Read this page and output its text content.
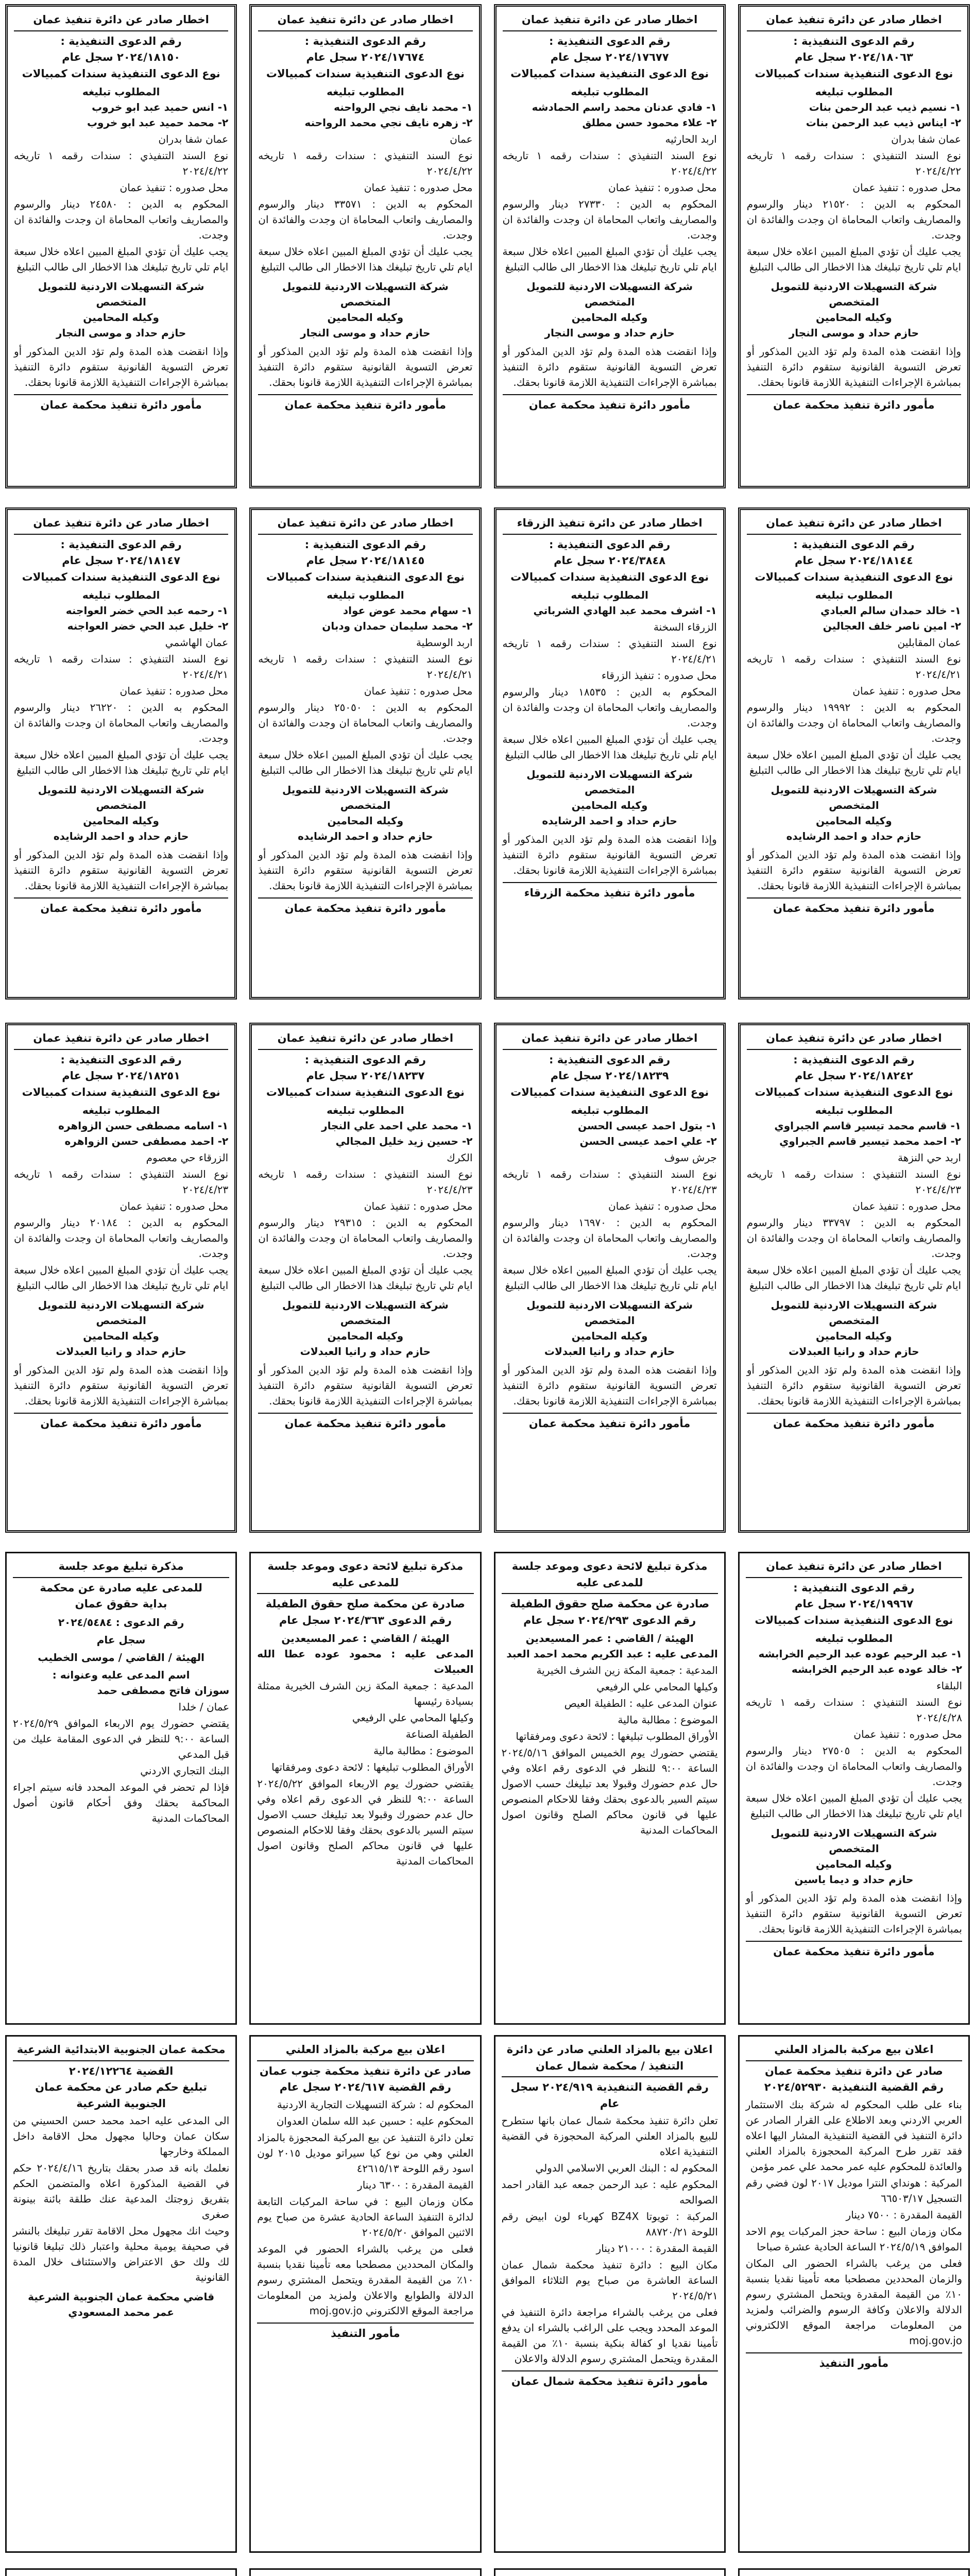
اخطار صادر عن دائرة تنفيذ عمان
رقم الدعوى التنفيذية :
٢٠٢٤/١٨٠٦٣ سجل عام
نوع الدعوى التنفيذية سندات كمبيالات
المطلوب تبليغه
١- نسيم ذيب عبد الرحمن بنات
٢- ايناس ذيب عبد الرحمن بنات
عمان شفا بدران
نوع السند التنفيذي : سندات رقمه ١ تاريخه ٢٠٢٤/٤/٢٢
محل صدوره : تنفيذ عمان
المحكوم به الدين : ٢١٥٢٠ دينار والرسوم والمصاريف واتعاب المحاماة ان وجدت والفائدة ان وجدت.
يجب عليك أن تؤدي المبلغ المبين اعلاه خلال سبعة ايام تلي تاريخ تبليغك هذا الاخطار الى طالب التبليغ
شركة التسهيلات الاردنية للتمويل المتخصص
وكيله المحامين
حازم حداد و موسى النجار
وإذا انقضت هذه المدة ولم تؤد الدين المذكور أو تعرض التسوية القانونية ستقوم دائرة التنفيذ بمباشرة الإجراءات التنفيذية اللازمة قانونا بحقك.
مأمور دائرة تنفيذ محكمة عمان
اخطار صادر عن دائرة تنفيذ عمان
رقم الدعوى التنفيذية :
٢٠٢٤/١٧٦٧٧ سجل عام
نوع الدعوى التنفيذية سندات كمبيالات
المطلوب تبليغه
١- فادي عدنان محمد راسم الحمادشه
٢- علاء محمود حسن مطلق
اربد الحارثيه
نوع السند التنفيذي : سندات رقمه ١ تاريخه ٢٠٢٤/٤/٢٢
محل صدوره : تنفيذ عمان
المحكوم به الدين : ٢٧٣٣٠ دينار والرسوم والمصاريف واتعاب المحاماة ان وجدت والفائدة ان وجدت.
يجب عليك أن تؤدي المبلغ المبين اعلاه خلال سبعة ايام تلي تاريخ تبليغك هذا الاخطار الى طالب التبليغ
شركة التسهيلات الاردنية للتمويل المتخصص
وكيله المحامين
حازم حداد و موسى النجار
وإذا انقضت هذه المدة ولم تؤد الدين المذكور أو تعرض التسوية القانونية ستقوم دائرة التنفيذ بمباشرة الإجراءات التنفيذية اللازمة قانونا بحقك.
مأمور دائرة تنفيذ محكمة عمان
اخطار صادر عن دائرة تنفيذ عمان
رقم الدعوى التنفيذية :
٢٠٢٤/١٧٦٧٤ سجل عام
نوع الدعوى التنفيذية سندات كمبيالات
المطلوب تبليغه
١- محمد نايف نجي الرواحنه
٢- زهره نايف نجي محمد الرواحنه
عمان
نوع السند التنفيذي : سندات رقمه ١ تاريخه ٢٠٢٤/٤/٢٢
محل صدوره : تنفيذ عمان
المحكوم به الدين : ٣٣٥٧١ دينار والرسوم والمصاريف واتعاب المحاماة ان وجدت والفائدة ان وجدت.
يجب عليك أن تؤدي المبلغ المبين اعلاه خلال سبعة ايام تلي تاريخ تبليغك هذا الاخطار الى طالب التبليغ
شركة التسهيلات الاردنية للتمويل المتخصص
وكيله المحامين
حازم حداد و موسى النجار
وإذا انقضت هذه المدة ولم تؤد الدين المذكور أو تعرض التسوية القانونية ستقوم دائرة التنفيذ بمباشرة الإجراءات التنفيذية اللازمة قانونا بحقك.
مأمور دائرة تنفيذ محكمة عمان
اخطار صادر عن دائرة تنفيذ عمان
رقم الدعوى التنفيذية :
٢٠٢٤/١٨١٥٠ سجل عام
نوع الدعوى التنفيذية سندات كمبيالات
المطلوب تبليغه
١- انس حميد عبد ابو خروب
٢- محمد حميد عبد ابو خروب
عمان شفا بدران
نوع السند التنفيذي : سندات رقمه ١ تاريخه ٢٠٢٤/٤/٢٢
محل صدوره : تنفيذ عمان
المحكوم به الدين : ٢٤٥٨٠ دينار والرسوم والمصاريف واتعاب المحاماة ان وجدت والفائدة ان وجدت.
يجب عليك أن تؤدي المبلغ المبين اعلاه خلال سبعة ايام تلي تاريخ تبليغك هذا الاخطار الى طالب التبليغ
شركة التسهيلات الاردنية للتمويل المتخصص
وكيله المحامين
حازم حداد و موسى النجار
وإذا انقضت هذه المدة ولم تؤد الدين المذكور أو تعرض التسوية القانونية ستقوم دائرة التنفيذ بمباشرة الإجراءات التنفيذية اللازمة قانونا بحقك.
مأمور دائرة تنفيذ محكمة عمان
اخطار صادر عن دائرة تنفيذ عمان
رقم الدعوى التنفيذية :
٢٠٢٤/١٨١٤٤ سجل عام
نوع الدعوى التنفيذية سندات كمبيالات
المطلوب تبليغه
١- خالد حمدان سالم العبادي
٢- امين ناصر خلف العجالين
عمان المقابلين
نوع السند التنفيذي : سندات رقمه ١ تاريخه ٢٠٢٤/٤/٢١
محل صدوره : تنفيذ عمان
المحكوم به الدين : ١٩٩٩٢ دينار والرسوم والمصاريف واتعاب المحاماة ان وجدت والفائدة ان وجدت.
يجب عليك أن تؤدي المبلغ المبين اعلاه خلال سبعة ايام تلي تاريخ تبليغك هذا الاخطار الى طالب التبليغ
شركة التسهيلات الاردنية للتمويل المتخصص
وكيله المحامين
حازم حداد و احمد الرشايده
وإذا انقضت هذه المدة ولم تؤد الدين المذكور أو تعرض التسوية القانونية ستقوم دائرة التنفيذ بمباشرة الإجراءات التنفيذية اللازمة قانونا بحقك.
مأمور دائرة تنفيذ محكمة عمان
اخطار صادر عن دائرة تنفيذ الزرقاء
رقم الدعوى التنفيذية :
٢٠٢٤/٣٨٤٨ سجل عام
نوع الدعوى التنفيذية سندات كمبيالات
المطلوب تبليغه
١- اشرف محمد عبد الهادي الشرباتي
الزرقاء السخنة
نوع السند التنفيذي : سندات رقمه ١ تاريخه ٢٠٢٤/٤/٢١
محل صدوره : تنفيذ الزرقاء
المحكوم به الدين : ١٨٥٣٥ دينار والرسوم والمصاريف واتعاب المحاماة ان وجدت والفائدة ان وجدت.
يجب عليك أن تؤدي المبلغ المبين اعلاه خلال سبعة ايام تلي تاريخ تبليغك هذا الاخطار الى طالب التبليغ
شركة التسهيلات الاردنية للتمويل المتخصص
وكيله المحامين
حازم حداد و احمد الرشايده
وإذا انقضت هذه المدة ولم تؤد الدين المذكور أو تعرض التسوية القانونية ستقوم دائرة التنفيذ بمباشرة الإجراءات التنفيذية اللازمة قانونا بحقك.
مأمور دائرة تنفيذ محكمة الزرقاء
اخطار صادر عن دائرة تنفيذ عمان
رقم الدعوى التنفيذية :
٢٠٢٤/١٨١٤٥ سجل عام
نوع الدعوى التنفيذية سندات كمبيالات
المطلوب تبليغه
١- سهام محمد عوض عواد
٢- محمد سليمان حمدان ودبان
اربد الوسطية
نوع السند التنفيذي : سندات رقمه ١ تاريخه ٢٠٢٤/٤/٢١
محل صدوره : تنفيذ عمان
المحكوم به الدين : ٢٥٠٥٠ دينار والرسوم والمصاريف واتعاب المحاماة ان وجدت والفائدة ان وجدت.
يجب عليك أن تؤدي المبلغ المبين اعلاه خلال سبعة ايام تلي تاريخ تبليغك هذا الاخطار الى طالب التبليغ
شركة التسهيلات الاردنية للتمويل المتخصص
وكيله المحامين
حازم حداد و احمد الرشايده
وإذا انقضت هذه المدة ولم تؤد الدين المذكور أو تعرض التسوية القانونية ستقوم دائرة التنفيذ بمباشرة الإجراءات التنفيذية اللازمة قانونا بحقك.
مأمور دائرة تنفيذ محكمة عمان
اخطار صادر عن دائرة تنفيذ عمان
رقم الدعوى التنفيذية :
٢٠٢٤/١٨١٤٧ سجل عام
نوع الدعوى التنفيذية سندات كمبيالات
المطلوب تبليغه
١- رحمه عبد الحي خضر العواجنه
٢- خليل عبد الحي خضر العواجنه
عمان الهاشمي
نوع السند التنفيذي : سندات رقمه ١ تاريخه ٢٠٢٤/٤/٢١
محل صدوره : تنفيذ عمان
المحكوم به الدين : ٢٦٢٢٠ دينار والرسوم والمصاريف واتعاب المحاماة ان وجدت والفائدة ان وجدت.
يجب عليك أن تؤدي المبلغ المبين اعلاه خلال سبعة ايام تلي تاريخ تبليغك هذا الاخطار الى طالب التبليغ
شركة التسهيلات الاردنية للتمويل المتخصص
وكيله المحامين
حازم حداد و احمد الرشايده
وإذا انقضت هذه المدة ولم تؤد الدين المذكور أو تعرض التسوية القانونية ستقوم دائرة التنفيذ بمباشرة الإجراءات التنفيذية اللازمة قانونا بحقك.
مأمور دائرة تنفيذ محكمة عمان
اخطار صادر عن دائرة تنفيذ عمان
رقم الدعوى التنفيذية :
٢٠٢٤/١٨٢٤٢ سجل عام
نوع الدعوى التنفيذية سندات كمبيالات
المطلوب تبليغه
١- قاسم محمد تيسير قاسم الجبراوي
٢- احمد محمد تيسير قاسم الجبراوي
اربد حي النزهة
نوع السند التنفيذي : سندات رقمه ١ تاريخه ٢٠٢٤/٤/٢٣
محل صدوره : تنفيذ عمان
المحكوم به الدين : ٣٣٧٩٧ دينار والرسوم والمصاريف واتعاب المحاماة ان وجدت والفائدة ان وجدت.
يجب عليك أن تؤدي المبلغ المبين اعلاه خلال سبعة ايام تلي تاريخ تبليغك هذا الاخطار الى طالب التبليغ
شركة التسهيلات الاردنية للتمويل المتخصص
وكيله المحامين
حازم حداد و رانيا العبدلات
وإذا انقضت هذه المدة ولم تؤد الدين المذكور أو تعرض التسوية القانونية ستقوم دائرة التنفيذ بمباشرة الإجراءات التنفيذية اللازمة قانونا بحقك.
مأمور دائرة تنفيذ محكمة عمان
اخطار صادر عن دائرة تنفيذ عمان
رقم الدعوى التنفيذية :
٢٠٢٤/١٨٢٣٩ سجل عام
نوع الدعوى التنفيذية سندات كمبيالات
المطلوب تبليغه
١- بتول احمد عيسى الحسن
٢- علي احمد عيسى الحسن
جرش سوف
نوع السند التنفيذي : سندات رقمه ١ تاريخه ٢٠٢٤/٤/٢٣
محل صدوره : تنفيذ عمان
المحكوم به الدين : ١٦٩٧٠ دينار والرسوم والمصاريف واتعاب المحاماة ان وجدت والفائدة ان وجدت.
يجب عليك أن تؤدي المبلغ المبين اعلاه خلال سبعة ايام تلي تاريخ تبليغك هذا الاخطار الى طالب التبليغ
شركة التسهيلات الاردنية للتمويل المتخصص
وكيله المحامين
حازم حداد و رانيا العبدلات
وإذا انقضت هذه المدة ولم تؤد الدين المذكور أو تعرض التسوية القانونية ستقوم دائرة التنفيذ بمباشرة الإجراءات التنفيذية اللازمة قانونا بحقك.
مأمور دائرة تنفيذ محكمة عمان
اخطار صادر عن دائرة تنفيذ عمان
رقم الدعوى التنفيذية :
٢٠٢٤/١٨٢٣٧ سجل عام
نوع الدعوى التنفيذية سندات كمبيالات
المطلوب تبليغه
١- محمد علي احمد علي النجار
٢- حسين زيد خليل المجالي
الكرك
نوع السند التنفيذي : سندات رقمه ١ تاريخه ٢٠٢٤/٤/٢٣
محل صدوره : تنفيذ عمان
المحكوم به الدين : ٢٩٣١٥ دينار والرسوم والمصاريف واتعاب المحاماة ان وجدت والفائدة ان وجدت.
يجب عليك أن تؤدي المبلغ المبين اعلاه خلال سبعة ايام تلي تاريخ تبليغك هذا الاخطار الى طالب التبليغ
شركة التسهيلات الاردنية للتمويل المتخصص
وكيله المحامين
حازم حداد و رانيا العبدلات
وإذا انقضت هذه المدة ولم تؤد الدين المذكور أو تعرض التسوية القانونية ستقوم دائرة التنفيذ بمباشرة الإجراءات التنفيذية اللازمة قانونا بحقك.
مأمور دائرة تنفيذ محكمة عمان
اخطار صادر عن دائرة تنفيذ عمان
رقم الدعوى التنفيذية :
٢٠٢٤/١٨٢٥١ سجل عام
نوع الدعوى التنفيذية سندات كمبيالات
المطلوب تبليغه
١- اسامه مصطفى حسن الزواهره
٢- احمد مصطفى حسن الزواهره
الزرقاء حي معصوم
نوع السند التنفيذي : سندات رقمه ١ تاريخه ٢٠٢٤/٤/٢٣
محل صدوره : تنفيذ عمان
المحكوم به الدين : ٢٠١٨٤ دينار والرسوم والمصاريف واتعاب المحاماة ان وجدت والفائدة ان وجدت.
يجب عليك أن تؤدي المبلغ المبين اعلاه خلال سبعة ايام تلي تاريخ تبليغك هذا الاخطار الى طالب التبليغ
شركة التسهيلات الاردنية للتمويل المتخصص
وكيله المحامين
حازم حداد و رانيا العبدلات
وإذا انقضت هذه المدة ولم تؤد الدين المذكور أو تعرض التسوية القانونية ستقوم دائرة التنفيذ بمباشرة الإجراءات التنفيذية اللازمة قانونا بحقك.
مأمور دائرة تنفيذ محكمة عمان
اخطار صادر عن دائرة تنفيذ عمان
رقم الدعوى التنفيذية :
٢٠٢٤/١٩٩٦٧ سجل عام
نوع الدعوى التنفيذية سندات كمبيالات
المطلوب تبليغه
١- عبد الرحيم عوده عبد الرحيم الخرابشه
٢- خالد عوده عبد الرحيم الخرابشه
البلقاء
نوع السند التنفيذي : سندات رقمه ١ تاريخه ٢٠٢٤/٤/٢٨
محل صدوره : تنفيذ عمان
المحكوم به الدين : ٢٧٥٠٥ دينار والرسوم والمصاريف واتعاب المحاماة ان وجدت والفائدة ان وجدت.
يجب عليك أن تؤدي المبلغ المبين اعلاه خلال سبعة ايام تلي تاريخ تبليغك هذا الاخطار الى طالب التبليغ
شركة التسهيلات الاردنية للتمويل المتخصص
وكيله المحامين
حازم حداد و ديما ياسين
وإذا انقضت هذه المدة ولم تؤد الدين المذكور أو تعرض التسوية القانونية ستقوم دائرة التنفيذ بمباشرة الإجراءات التنفيذية اللازمة قانونا بحقك.
مأمور دائرة تنفيذ محكمة عمان
مذكرة تبليغ لائحة دعوى وموعد جلسة للمدعى عليه
صادرة عن محكمة صلح حقوق الطفيلة
رقم الدعوى ٢٠٢٤/٢٩٣ سجل عام
الهيئة / القاضي : عمر المسيعدين
المدعى عليه : عبد الكريم محمد احمد العبد
المدعية : جمعية المكة زين الشرف الخيرية
وكيلها المحامي علي الرفيعي
عنوان المدعى عليه : الطفيلة العيص
الموضوع : مطالبة مالية
الأوراق المطلوب تبليغها : لائحة دعوى ومرفقاتها
يقتضي حضورك يوم الخميس الموافق ٢٠٢٤/٥/١٦ الساعة ٩:٠٠ للنظر في الدعوى رقم اعلاه وفي حال عدم حضورك وقبولا بعد تبليغك حسب الاصول سيتم السير بالدعوى بحقك وفقا للاحكام المنصوص عليها في قانون محاكم الصلح وقانون اصول المحاكمات المدنية
مذكرة تبليغ لائحة دعوى وموعد جلسة للمدعى عليه
صادرة عن محكمة صلح حقوق الطفيلة
رقم الدعوى ٢٠٢٤/٣٦٣ سجل عام
الهيئة / القاضي : عمر المسيعدين
المدعى عليه : محمود عوده عطا الله العبيلات
المدعية : جمعية المكة زين الشرف الخيرية ممثلة بسيادة رئيسها
وكيلها المحامي علي الرفيعي
الطفيلة الصناعة
الموضوع : مطالبة مالية
الأوراق المطلوب تبليغها : لائحة دعوى ومرفقاتها
يقتضي حضورك يوم الاربعاء الموافق ٢٠٢٤/٥/٢٢ الساعة ٩:٠٠ للنظر في الدعوى رقم اعلاه وفي حال عدم حضورك وقبولا بعد تبليغك حسب الاصول سيتم السير بالدعوى بحقك وفقا للاحكام المنصوص عليها في قانون محاكم الصلح وقانون اصول المحاكمات المدنية
مذكرة تبليغ موعد جلسة
للمدعى عليه صادرة عن محكمة
بداية حقوق عمان
رقم الدعوى : ٢٠٢٤/٥٤٨٤
سجل عام
الهيئة / القاضي / موسى الخطيب
اسم المدعى عليه وعنوانه :
سوزان فاتح مصطفى حمد
عمان / خلدا
يقتضي حضورك يوم الاربعاء الموافق ٢٠٢٤/٥/٢٩ الساعة ٩:٠٠ للنظر في الدعوى المقامة عليك من قبل المدعي
البنك التجاري الاردني
فإذا لم تحضر في الموعد المحدد فانه سيتم اجراء المحاكمة بحقك وفق أحكام قانون أصول المحاكمات المدنية
اعلان بيع مركبة بالمزاد العلني
صادر عن دائرة تنفيذ محكمة عمان
رقم القضية التنفيذية ٢٠٢٤/٥٢٩٣٠
بناء على طلب المحكوم له شركة بنك الاستثمار العربي الاردني وبعد الاطلاع على القرار الصادر عن دائرة التنفيذ في القضية التنفيذية المشار اليها اعلاه فقد تقرر طرح المركبة المحجوزة بالمزاد العلني والعائدة للمحكوم عليه عمر محمد علي عمر مؤمن
المركبة : هونداي النترا موديل ٢٠١٧ لون فضي رقم التسجيل ٦٦٥٠٣/١٧
القيمة المقدرة : ٧٥٠٠ دينار
مكان وزمان البيع : ساحة حجز المركبات يوم الاحد الموافق ٢٠٢٤/٥/١٩ الساعة الحادية عشرة صباحا
فعلى من يرغب بالشراء الحضور الى المكان والزمان المحددين مصطحبا معه تأمينا نقديا بنسبة ١٠٪ من القيمة المقدرة ويتحمل المشتري رسوم الدلالة والاعلان وكافة الرسوم والضرائب ولمزيد من المعلومات مراجعة الموقع الالكتروني moj.gov.jo
مأمور التنفيذ
اعلان بيع بالمزاد العلني صادر عن دائرة التنفيذ / محكمة شمال عمان
رقم القضية التنفيذية ٢٠٢٤/٩١٩ سجل عام
تعلن دائرة تنفيذ محكمة شمال عمان بانها ستطرح للبيع بالمزاد العلني المركبة المحجوزة في القضية التنفيذية اعلاه
المحكوم له : البنك العربي الاسلامي الدولي
المحكوم عليه : عبد الرحمن جمعه عبد القادر احمد الصوالحه
المركبة : تويوتا BZ4X كهرباء لون ابيض رقم اللوحة ٨٨٧٢٠/٢١
القيمة المقدرة : ٢١٠٠٠ دينار
مكان البيع : دائرة تنفيذ محكمة شمال عمان الساعة العاشرة من صباح يوم الثلاثاء الموافق ٢٠٢٤/٥/٢١
فعلى من يرغب بالشراء مراجعة دائرة التنفيذ في الموعد المحدد ويجب على الراغب بالشراء ان يدفع تأمينا نقديا او كفالة بنكية بنسبة ١٠٪ من القيمة المقدرة ويتحمل المشتري رسوم الدلالة والاعلان
مأمور دائرة تنفيذ محكمة شمال عمان
اعلان بيع مركبة بالمزاد العلني
صادر عن دائرة تنفيذ محكمة جنوب عمان
رقم القضية ٢٠٢٤/٦١٧ سجل عام
المحكوم له : شركة التسهيلات التجارية الاردنية
المحكوم عليه : حسين عبد الله سلمان العدوان
تعلن دائرة التنفيذ عن بيع المركبة المحجوزة بالمزاد العلني وهي من نوع كيا سيراتو موديل ٢٠١٥ لون اسود رقم اللوحة ٤٢٦١٥/١٣
القيمة المقدرة : ٦٣٠٠ دينار
مكان وزمان البيع : في ساحة المركبات التابعة لدائرة التنفيذ الساعة الحادية عشرة من صباح يوم الاثنين الموافق ٢٠٢٤/٥/٢٠
فعلى من يرغب بالشراء الحضور في الموعد والمكان المحددين مصطحبا معه تأمينا نقديا بنسبة ١٠٪ من القيمة المقدرة ويتحمل المشتري رسوم الدلالة والطوابع والاعلان ولمزيد من المعلومات مراجعة الموقع الالكتروني moj.gov.jo
مأمور التنفيذ
محكمة عمان الجنوبية الابتدائية الشرعية
القضية ٢٠٢٤/١٢٢٦٤
تبليغ حكم صادر عن محكمة عمان الجنوبية الشرعية
الى المدعى عليه احمد محمد حسن الحسيني من سكان عمان وحاليا مجهول محل الاقامة داخل المملكة وخارجها
نعلمك بانه قد صدر بحقك بتاريخ ٢٠٢٤/٤/١٦ حكم في القضية المذكورة اعلاه والمتضمن الحكم بتفريق زوجتك المدعية عنك طلقة بائنة بينونة صغرى
وحيث انك مجهول محل الاقامة تقرر تبليغك بالنشر في صحيفة يومية محلية واعتبار ذلك تبليغا قانونيا لك ولك حق الاعتراض والاستئناف خلال المدة القانونية
قاضي محكمة عمان الجنوبية الشرعية
عمر محمد المسعودي
